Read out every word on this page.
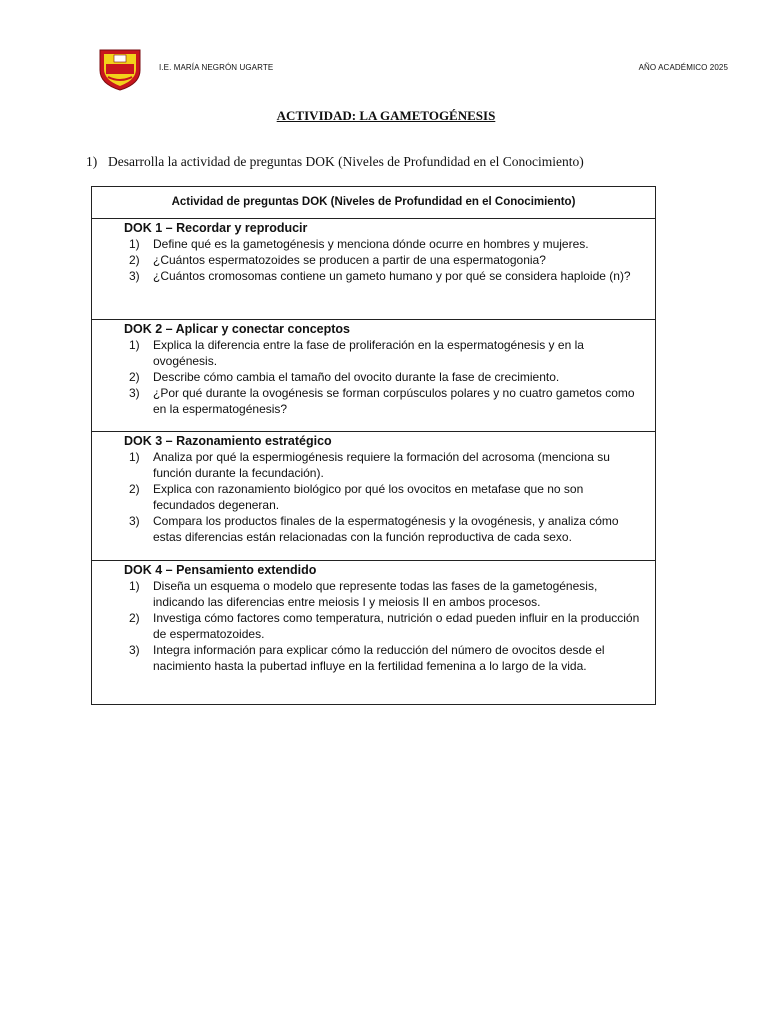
I.E. MARÍA NEGRÓN UGARTE	AÑO ACADÉMICO 2025
ACTIVIDAD: LA GAMETOGÉNESIS
1) Desarrolla la actividad de preguntas DOK (Niveles de Profundidad en el Conocimiento)
Actividad de preguntas DOK (Niveles de Profundidad en el Conocimiento)
DOK 1 – Recordar y reproducir
1) Define qué es la gametogénesis y menciona dónde ocurre en hombres y mujeres.
2) ¿Cuántos espermatozoides se producen a partir de una espermatogonia?
3) ¿Cuántos cromosomas contiene un gameto humano y por qué se considera haploide (n)?
DOK 2 – Aplicar y conectar conceptos
1) Explica la diferencia entre la fase de proliferación en la espermatogénesis y en la ovogénesis.
2) Describe cómo cambia el tamaño del ovocito durante la fase de crecimiento.
3) ¿Por qué durante la ovogénesis se forman corpúsculos polares y no cuatro gametos como en la espermatogénesis?
DOK 3 – Razonamiento estratégico
1) Analiza por qué la espermiogénesis requiere la formación del acrosoma (menciona su función durante la fecundación).
2) Explica con razonamiento biológico por qué los ovocitos en metafase que no son fecundados degeneran.
3) Compara los productos finales de la espermatogénesis y la ovogénesis, y analiza cómo estas diferencias están relacionadas con la función reproductiva de cada sexo.
DOK 4 – Pensamiento extendido
1) Diseña un esquema o modelo que represente todas las fases de la gametogénesis, indicando las diferencias entre meiosis I y meiosis II en ambos procesos.
2) Investiga cómo factores como temperatura, nutrición o edad pueden influir en la producción de espermatozoides.
3) Integra información para explicar cómo la reducción del número de ovocitos desde el nacimiento hasta la pubertad influye en la fertilidad femenina a lo largo de la vida.
